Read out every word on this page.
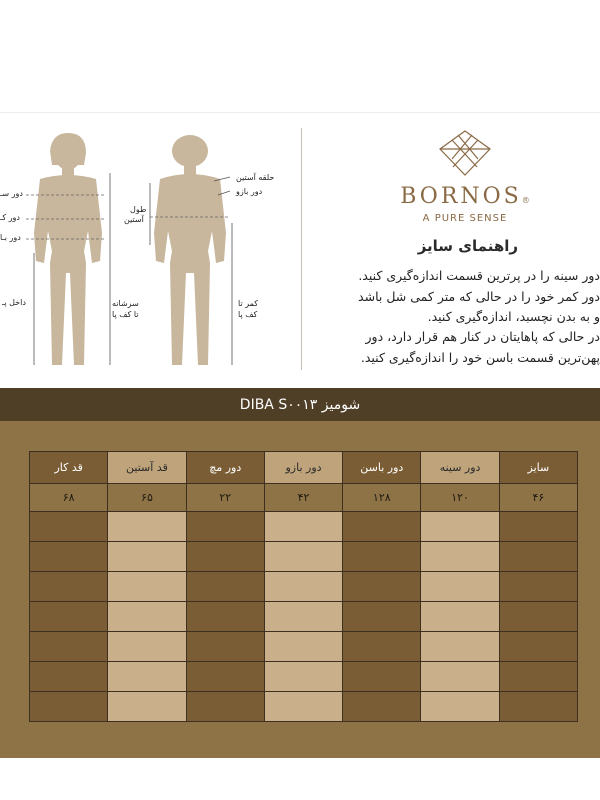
دور سـ
دور کـ
دور بـا
داخل پـ
حلقه آستین
دور بازو
طول
آستین
سرشانه
تا کف پا
کمر تا
کف پا
BORNOS®
A PURE SENSE
راهنمای سایز
دور سینه را در پرترین قسمت اندازه‌گیری کنید.
دور کمر خود را در حالی که متر کمی شل باشد
و به بدن نچسبد، اندازه‌گیری کنید.
در حالی که پاهایتان در کنار هم قرار دارد، دور
پهن‌ترین قسمت باسن خود را اندازه‌گیری کنید.
DIBA S۰۰۱۳ شومیز
سایز	دور سینه	دور باسن	دور بازو	دور مچ	قد آستین	قد کار
۴۶	۱۲۰	۱۲۸	۴۲	۲۲	۶۵	۶۸
